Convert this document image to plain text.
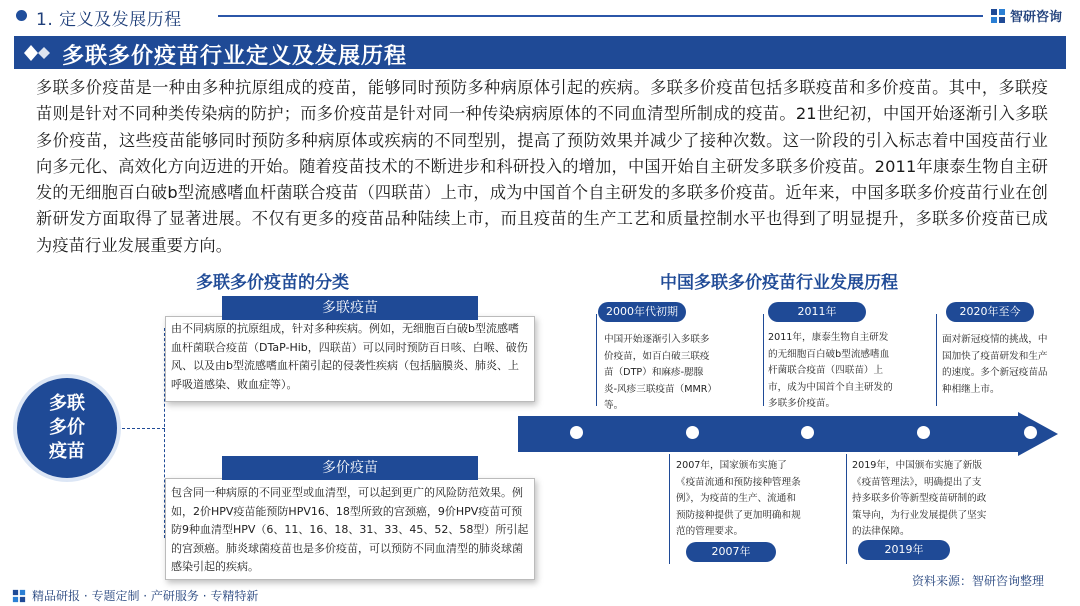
1. 定义及发展历程	智研咨询
多联多价疫苗行业定义及发展历程
多联多价疫苗是一种由多种抗原组成的疫苗，能够同时预防多种病原体引起的疾病。多联多价疫苗包括多联疫苗和多价疫苗。其中，多联疫苗则是针对不同种类传染病的防护；而多价疫苗是针对同一种传染病病原体的不同血清型所制成的疫苗。21世纪初，中国开始逐渐引入多联多价疫苗，这些疫苗能够同时预防多种病原体或疾病的不同型别，提高了预防效果并减少了接种次数。这一阶段的引入标志着中国疫苗行业向多元化、高效化方向迈进的开始。随着疫苗技术的不断进步和科研投入的增加，中国开始自主研发多联多价疫苗。2011年康泰生物自主研发的无细胞百白破b型流感嗜血杆菌联合疫苗（四联苗）上市，成为中国首个自主研发的多联多价疫苗。近年来，中国多联多价疫苗行业在创新研发方面取得了显著进展。不仅有更多的疫苗品种陆续上市，而且疫苗的生产工艺和质量控制水平也得到了明显提升，多联多价疫苗已成为疫苗行业发展重要方向。
多联多价疫苗的分类
多联
多价
疫苗
多联疫苗
由不同病原的抗原组成，针对多种疾病。例如，无细胞百白破b型流感嗜血杆菌联合疫苗（DTaP-Hib，四联苗）可以同时预防百日咳、白喉、破伤风、以及由b型流感嗜血杆菌引起的侵袭性疾病（包括脑膜炎、肺炎、上呼吸道感染、败血症等）。
多价疫苗
包含同一种病原的不同亚型或血清型，可以起到更广的风险防范效果。例如，2价HPV疫苗能预防HPV16、18型所致的宫颈癌，9价HPV疫苗可预防9种血清型HPV（6、11、16、18、31、33、45、52、58型）所引起的宫颈癌。肺炎球菌疫苗也是多价疫苗，可以预防不同血清型的肺炎球菌感染引起的疾病。
中国多联多价疫苗行业发展历程
2000年代初期
中国开始逐渐引入多联多价疫苗，如百白破三联疫苗（DTP）和麻疹-腮腺炎-风疹三联疫苗（MMR）等。
2011年
2011年，康泰生物自主研发的无细胞百白破b型流感嗜血杆菌联合疫苗（四联苗）上市，成为中国首个自主研发的多联多价疫苗。
2020年至今
面对新冠疫情的挑战，中国加快了疫苗研发和生产的速度。多个新冠疫苗品种相继上市。
2007年，国家颁布实施了《疫苗流通和预防接种管理条例》，为疫苗的生产、流通和预防接种提供了更加明确和规范的管理要求。
2007年
2019年，中国颁布实施了新版《疫苗管理法》，明确提出了支持多联多价等新型疫苗研制的政策导向，为行业发展提供了坚实的法律保障。
2019年
资料来源：智研咨询整理
精品研报 · 专题定制 · 产研服务 · 专精特新
